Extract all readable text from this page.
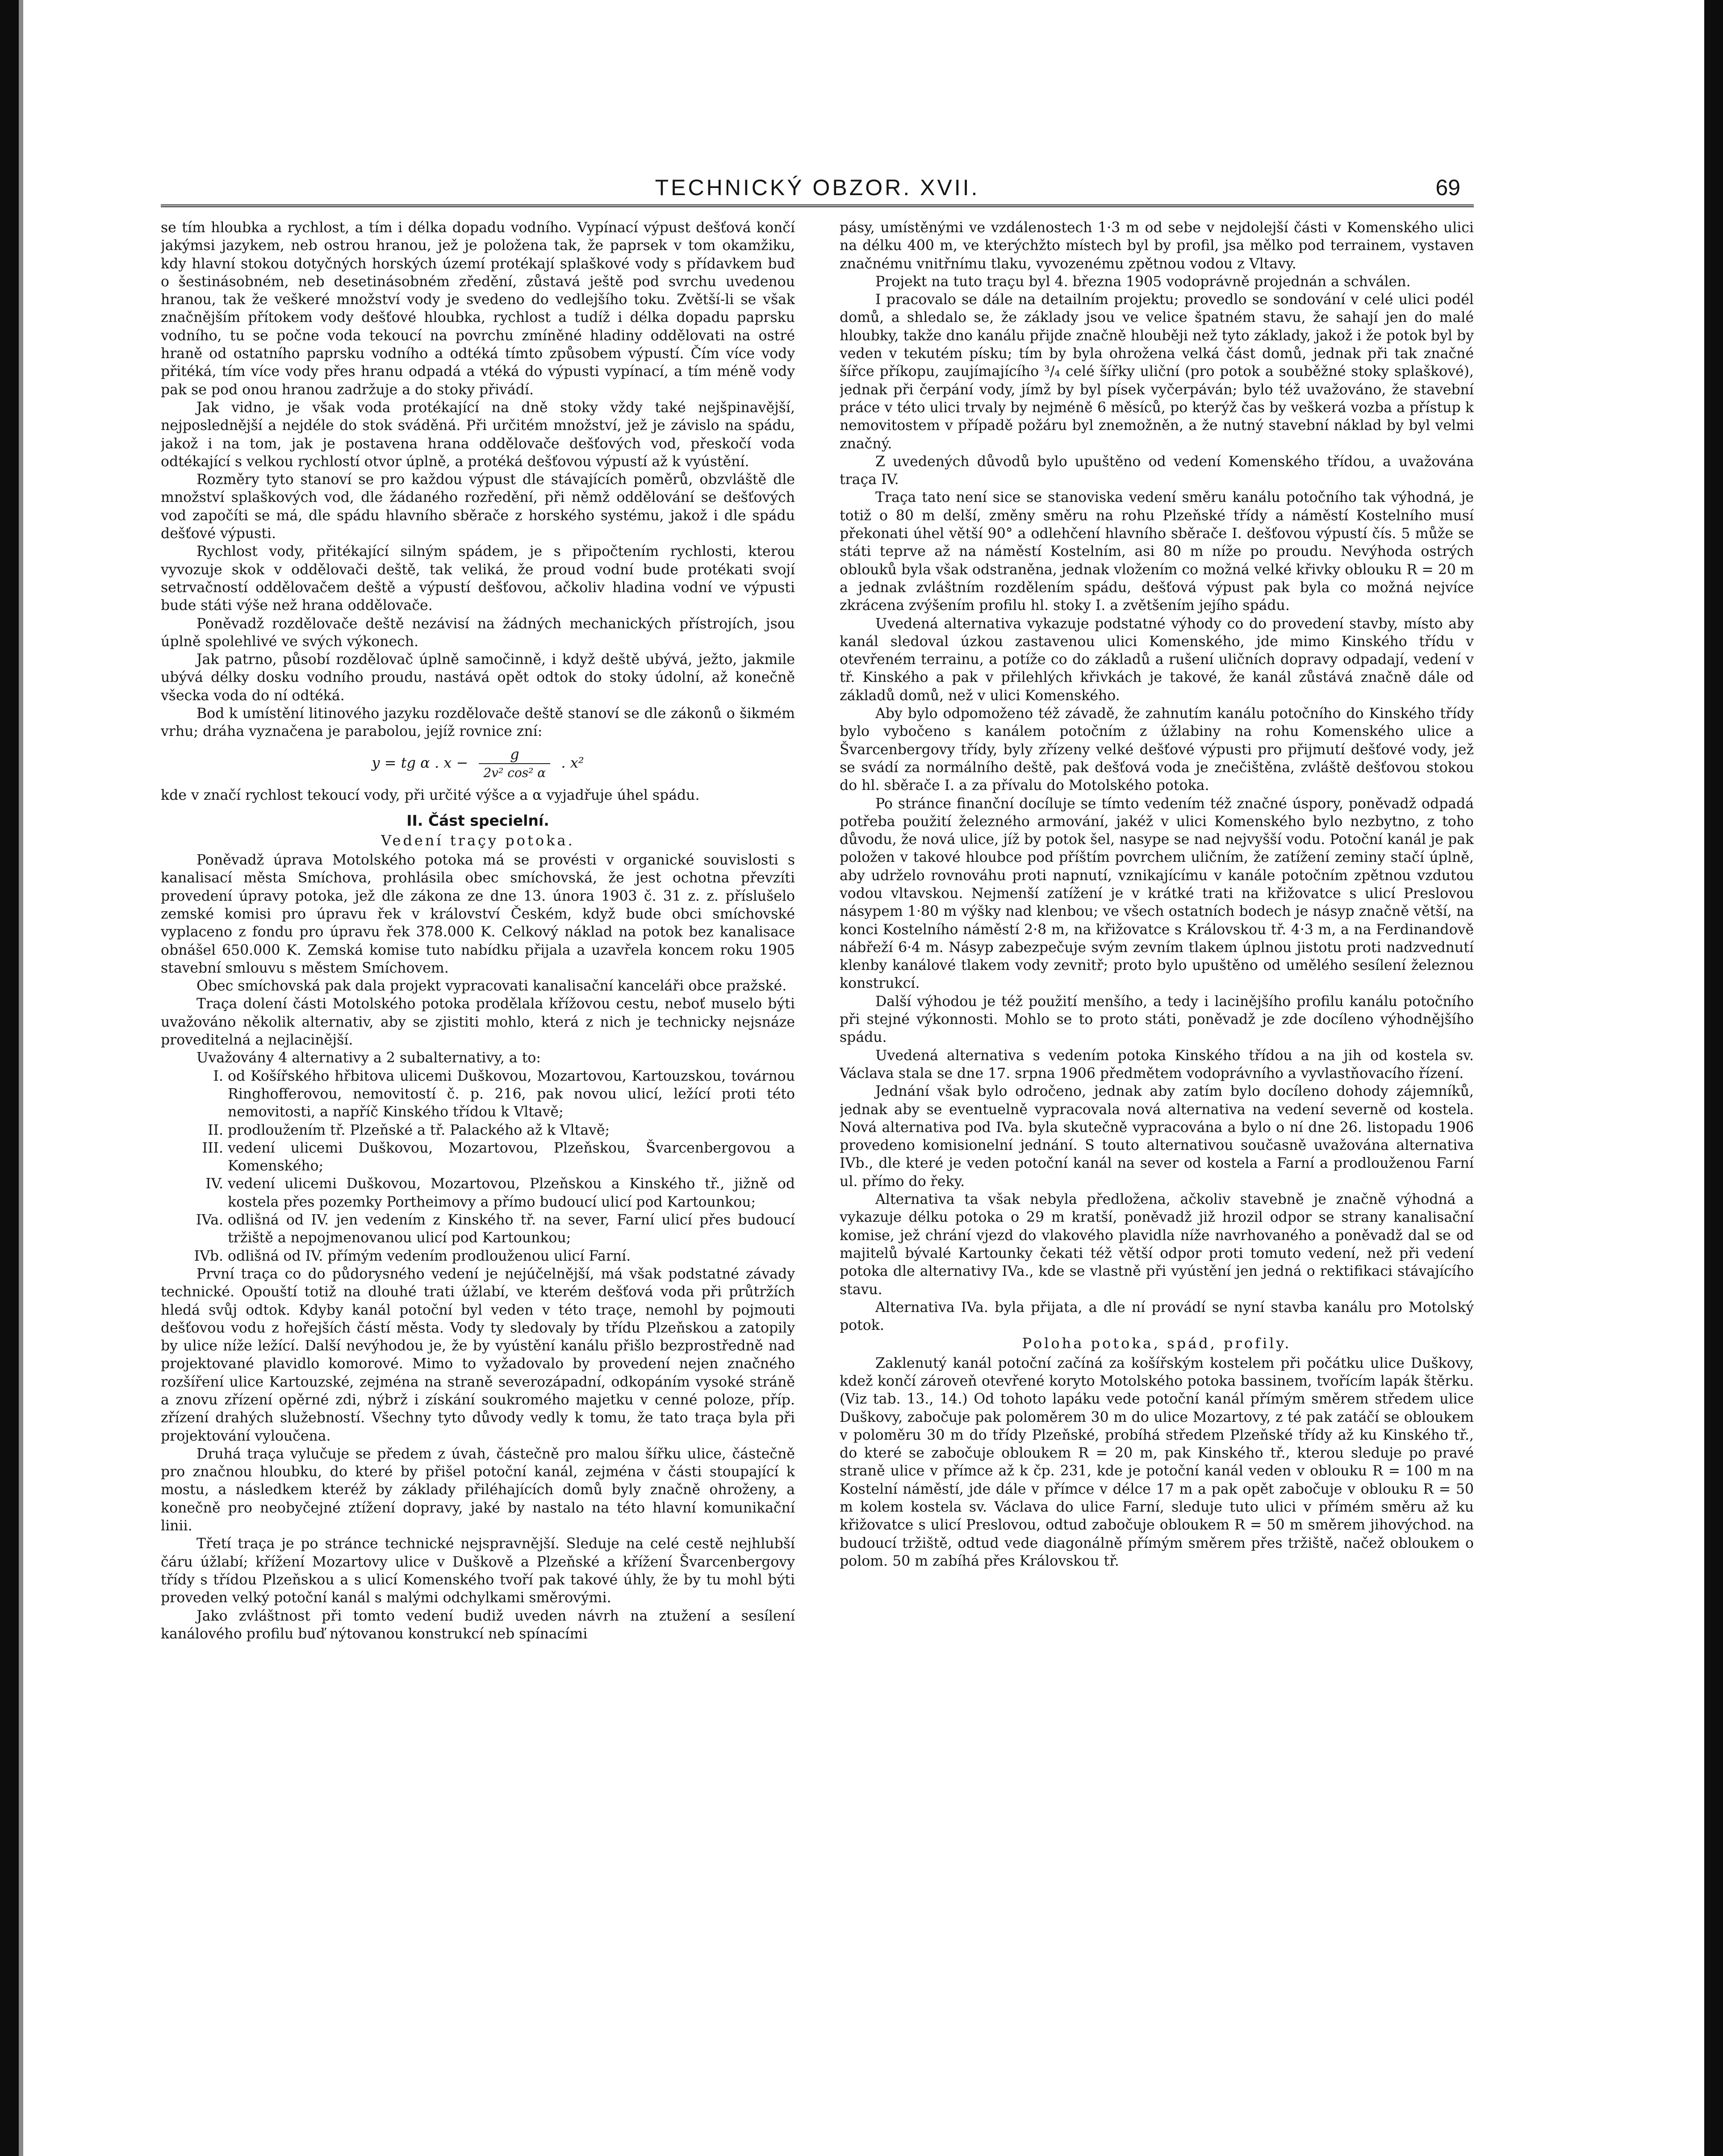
TECHNICKÝ OBZOR. XVII.	69

se tím hloubka a rychlost, a tím i délka dopadu vodního. Vypínací výpust dešťová končí jakýmsi jazykem, neb ostrou hranou, jež je položena tak, že paprsek v tom okamžiku, kdy hlavní stokou dotyčných horských území protékají splaškové vody s přídavkem buď o šestinásobném, neb desetinásobném zředění, zůstavá ještě pod svrchu uvedenou hranou, tak že veškeré množství vody je svedeno do vedlejšího toku. Zvětší-li se však značnějším přítokem vody dešťové hloubka, rychlost a tudíž i délka dopadu paprsku vodního, tu se počne voda tekoucí na povrchu zmíněné hladiny oddělovati na ostré hraně od ostatního paprsku vodního a odtéká tímto způsobem výpustí. Čím více vody přitéká, tím více vody přes hranu odpadá a vtéká do výpusti vypínací, a tím méně vody pak se pod onou hranou zadržuje a do stoky přivádí.

Jak vidno, je však voda protékající na dně stoky vždy také nejšpinavější, nejposlednější a nejdéle do stok sváděná. Při určitém množství, jež je závislo na spádu, jakož i na tom, jak je postavena hrana oddělovače dešťových vod, přeskočí voda odtékající s velkou rychlostí otvor úplně, a protéká dešťovou výpustí až k vyústění.

Rozměry tyto stanoví se pro každou výpust dle stávajících poměrů, obzvláště dle množství splaškových vod, dle žádaného rozředění, při němž oddělování se dešťových vod započíti se má, dle spádu hlavního sběrače z horského systému, jakož i dle spádu dešťové výpusti.

Rychlost vody, přitékající silným spádem, je s připočtením rychlosti, kterou vyvozuje skok v oddělovači deště, tak veliká, že proud vodní bude protékati svojí setrvačností oddělovačem deště a výpustí dešťovou, ačkoliv hladina vodní ve výpusti bude státi výše než hrana oddělovače.

Poněvadž rozdělovače deště nezávisí na žádných mechanických přístrojích, jsou úplně spolehlivé ve svých výkonech.

Jak patrno, působí rozdělovač úplně samočinně, i když deště ubývá, ježto, jakmile ubývá délky dosku vodního proudu, nastává opět odtok do stoky údolní, až konečně všecka voda do ní odtéká.

Bod k umístění litinového jazyku rozdělovače deště stanoví se dle zákonů o šikmém vrhu; dráha vyznačena je parabolou, jejíž rovnice zní:

y = tg α . $x - \frac{g}{\text{2v² cos² α}}$ . x²

kde v značí rychlost tekoucí vody, při určité výšce a α vyjadřuje úhel spádu.

II. Část specielní.
Vedení traçy potoka.

Poněvadž úprava Motolského potoka má se provésti v organické souvislosti s kanalisací města Smíchova, prohlásila obec smíchovská, že jest ochotna převzíti provedení úpravy potoka, jež dle zákona ze dne 13. února 1903 č. 31 z. z. příslušelo zemské komisi pro úpravu řek v království Českém, když bude obci smíchovské vyplaceno z fondu pro úpravu řek 378.000 K. Celkový náklad na potok bez kanalisace obnášel 650.000 K. Zemská komise tuto nabídku přijala a uzavřela koncem roku 1905 stavební smlouvu s městem Smíchovem.

Obec smíchovská pak dala projekt vypracovati kanalisační kanceláři obce pražské.

Traça dolení části Motolského potoka prodělala křížovou cestu, neboť muselo býti uvažováno několik alternativ, aby se zjistiti mohlo, která z nich je technicky nejsnáze proveditelná a nejlacinější.

Uvažovány 4 alternativy a 2 subalternativy, a to:

I. od Košířského hřbitova ulicemi Duškovou, Mozartovou, Kartouzskou, továrnou Ringhofferovou, nemovitostí č. p. 216, pak novou ulicí, ležící proti této nemovitosti, a napříč Kinského třídou k Vltavě;
II. prodloužením tř. Plzeňské a tř. Palackého až k Vltavě;
III. vedení ulicemi Duškovou, Mozartovou, Plzeňskou, Švarcenbergovou a Komenského;
IV. vedení ulicemi Duškovou, Mozartovou, Plzeňskou a Kinského tř., jižně od kostela přes pozemky Portheimovy a přímo budoucí ulicí pod Kartounkou;
IVa. odlišná od IV. jen vedením z Kinského tř. na sever, Farní ulicí přes budoucí tržiště a nepojmenovanou ulicí pod Kartounkou;
IVb. odlišná od IV. přímým vedením prodlouženou ulicí Farní.

První traça co do půdorysného vedení je nejúčelnější, má však podstatné závady technické. Opouští totiž na dlouhé trati úžlabí, ve kterém dešťová voda při průtržích hledá svůj odtok. Kdyby kanál potoční byl veden v této traçe, nemohl by pojmouti dešťovou vodu z hořejších částí města. Vody ty sledovaly by třídu Plzeňskou a zatopily by ulice níže ležící. Další nevýhodou je, že by vyústění kanálu přišlo bezprostředně nad projektované plavidlo komorové. Mimo to vyžadovalo by provedení nejen značného rozšíření ulice Kartouzské, zejména na straně severozápadní, odkopáním vysoké stráně a znovu zřízení opěrné zdi, nýbrž i získání soukromého majetku v cenné poloze, příp. zřízení drahých služebností. Všechny tyto důvody vedly k tomu, že tato traça byla při projektování vyloučena.

Druhá traça vylučuje se předem z úvah, částečně pro malou šířku ulice, částečně pro značnou hloubku, do které by přišel potoční kanál, zejména v části stoupající k mostu, a následkem kteréž by základy přiléhajících domů byly značně ohroženy, a konečně pro neobyčejné ztížení dopravy, jaké by nastalo na této hlavní komunikační linii.

Třetí traça je po stránce technické nejspravnější. Sleduje na celé cestě nejhlubší čáru úžlabí; křížení Mozartovy ulice v Duškově a Plzeňské a křížení Švarcenbergovy třídy s třídou Plzeňskou a s ulicí Komenského tvoří pak takové úhly, že by tu mohl býti proveden velký potoční kanál s malými odchylkami směrovými.

Jako zvláštnost při tomto vedení budiž uveden návrh na ztužení a sesílení kanálového profilu buď nýtovanou konstrukcí neb spínacími

pásy, umístěnými ve vzdálenostech 1·3 m od sebe v nejdolejší části v Komenského ulici na délku 400 m, ve kterýchžto místech byl by profil, jsa mělko pod terrainem, vystaven značnému vnitřnímu tlaku, vyvozenému zpětnou vodou z Vltavy.

Projekt na tuto traçu byl 4. března 1905 vodoprávně projednán a schválen.

I pracovalo se dále na detailním projektu; provedlo se sondování v celé ulici podél domů, a shledalo se, že základy jsou ve velice špatném stavu, že sahají jen do malé hloubky, takže dno kanálu přijde značně hlouběji než tyto základy, jakož i že potok byl by veden v tekutém písku; tím by byla ohrožena velká část domů, jednak při tak značné šířce příkopu, zaujímajícího ³/₄ celé šířky uliční (pro potok a souběžné stoky splaškové), jednak při čerpání vody, jímž by byl písek vyčerpáván; bylo též uvažováno, že stavební práce v této ulici trvaly by nejméně 6 měsíců, po kterýž čas by veškerá vozba a přístup k nemovitostem v případě požáru byl znemožněn, a že nutný stavební náklad by byl velmi značný.

Z uvedených důvodů bylo upuštěno od vedení Komenského třídou, a uvažována traça IV.

Traça tato není sice se stanoviska vedení směru kanálu potočního tak výhodná, je totiž o 80 m delší, změny směru na rohu Plzeňské třídy a náměstí Kostelního musí překonati úhel větší 90° a odlehčení hlavního sběrače I. dešťovou výpustí čís. 5 může se státi teprve až na náměstí Kostelním, asi 80 m níže po proudu. Nevýhoda ostrých oblouků byla však odstraněna, jednak vložením co možná velké křivky oblouku R = 20 m a jednak zvláštním rozdělením spádu, dešťová výpust pak byla co možná nejvíce zkrácena zvýšením profilu hl. stoky I. a zvětšením jejího spádu.

Uvedená alternativa vykazuje podstatné výhody co do provedení stavby, místo aby kanál sledoval úzkou zastavenou ulici Komenského, jde mimo Kinského třídu v otevřeném terrainu, a potíže co do základů a rušení uličních dopravy odpadají, vedení v tř. Kinského a pak v přilehlých křivkách je takové, že kanál zůstává značně dále od základů domů, než v ulici Komenského.

Aby bylo odpomoženo též závadě, že zahnutím kanálu potočního do Kinského třídy bylo vybočeno s kanálem potočním z úžlabiny na rohu Komenského ulice a Švarcenbergovy třídy, byly zřízeny velké dešťové výpusti pro přijmutí dešťové vody, jež se svádí za normálního deště, pak dešťová voda je znečištěna, zvláště dešťovou stokou do hl. sběrače I. a za přívalu do Motolského potoka.

Po stránce finanční docíluje se tímto vedením též značné úspory, poněvadž odpadá potřeba použití železného armování, jakéž v ulici Komenského bylo nezbytno, z toho důvodu, že nová ulice, jíž by potok šel, nasype se nad nejvyšší vodu. Potoční kanál je pak položen v takové hloubce pod příštím povrchem uličním, že zatížení zeminy stačí úplně, aby udrželo rovnováhu proti napnutí, vznikajícímu v kanále potočním zpětnou vzdutou vodou vltavskou. Nejmenší zatížení je v krátké trati na křižovatce s ulicí Preslovou násypem 1·80 m výšky nad klenbou; ve všech ostatních bodech je násyp značně větší, na konci Kostelního náměstí 2·8 m, na křižovatce s Královskou tř. 4·3 m, a na Ferdinandově nábřeží 6·4 m. Násyp zabezpečuje svým zevním tlakem úplnou jistotu proti nadzvednutí klenby kanálové tlakem vody zevnitř; proto bylo upuštěno od umělého sesílení železnou konstrukcí.

Další výhodou je též použití menšího, a tedy i lacinějšího profilu kanálu potočního při stejné výkonnosti. Mohlo se to proto státi, poněvadž je zde docíleno výhodnějšího spádu.

Uvedená alternativa s vedením potoka Kinského třídou a na jih od kostela sv. Václava stala se dne 17. srpna 1906 předmětem vodoprávního a vyvlastňovacího řízení.

Jednání však bylo odročeno, jednak aby zatím bylo docíleno dohody zájemníků, jednak aby se eventuelně vypracovala nová alternativa na vedení severně od kostela. Nová alternativa pod IVa. byla skutečně vypracována a bylo o ní dne 26. listopadu 1906 provedeno komisionelní jednání. S touto alternativou současně uvažována alternativa IVb., dle které je veden potoční kanál na sever od kostela a Farní a prodlouženou Farní ul. přímo do řeky.

Alternativa ta však nebyla předložena, ačkoliv stavebně je značně výhodná a vykazuje délku potoka o 29 m kratší, poněvadž již hrozil odpor se strany kanalisační komise, jež chrání vjezd do vlakového plavidla níže navrhovaného a poněvadž dal se od majitelů bývalé Kartounky čekati též větší odpor proti tomuto vedení, než při vedení potoka dle alternativy IVa., kde se vlastně při vyústění jen jedná o rektifikaci stávajícího stavu.

Alternativa IVa. byla přijata, a dle ní provádí se nyní stavba kanálu pro Motolský potok.

Poloha potoka, spád, profily.

Zaklenutý kanál potoční začíná za košířským kostelem při počátku ulice Duškovy, kdež končí zároveň otevřené koryto Motolského potoka bassinem, tvořícím lapák štěrku. (Viz tab. 13., 14.) Od tohoto lapáku vede potoční kanál přímým směrem středem ulice Duškovy, zabočuje pak poloměrem 30 m do ulice Mozartovy, z té pak zatáčí se obloukem v poloměru 30 m do třídy Plzeňské, probíhá středem Plzeňské třídy až ku Kinského tř., do které se zabočuje obloukem R = 20 m, pak Kinského tř., kterou sleduje po pravé straně ulice v přímce až k čp. 231, kde je potoční kanál veden v oblouku R = 100 m na Kostelní náměstí, jde dále v přímce v délce 17 m a pak opět zabočuje v oblouku R = 50 m kolem kostela sv. Václava do ulice Farní, sleduje tuto ulici v přímém směru až ku křižovatce s ulicí Preslovou, odtud zabočuje obloukem R = 50 m směrem jihovýchod. na budoucí tržiště, odtud vede diagonálně přímým směrem přes tržiště, načež obloukem o polom. 50 m zabíhá přes Královskou tř.
